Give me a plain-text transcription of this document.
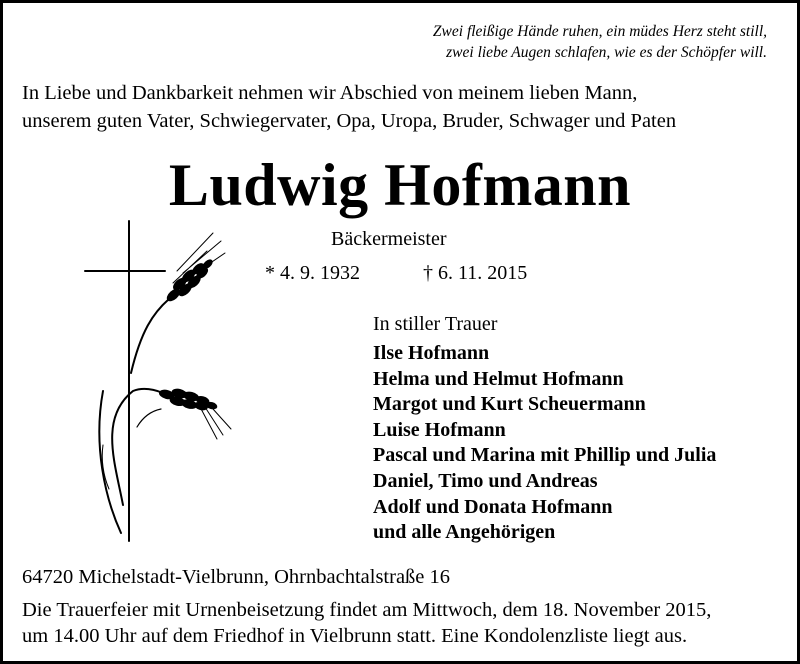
Zwei fleißige Hände ruhen, ein müdes Herz steht still,
zwei liebe Augen schlafen, wie es der Schöpfer will.
In Liebe und Dankbarkeit nehmen wir Abschied von meinem lieben Mann,
unserem guten Vater, Schwiegervater, Opa, Uropa, Bruder, Schwager und Paten
Ludwig Hofmann
Bäckermeister
* 4. 9. 1932	† 6. 11. 2015
In stiller Trauer
Ilse Hofmann
Helma und Helmut Hofmann
Margot und Kurt Scheuermann
Luise Hofmann
Pascal und Marina mit Phillip und Julia
Daniel, Timo und Andreas
Adolf und Donata Hofmann
und alle Angehörigen
64720 Michelstadt-Vielbrunn, Ohrnbachtalstraße 16
Die Trauerfeier mit Urnenbeisetzung findet am Mittwoch, dem 18. November 2015,
um 14.00 Uhr auf dem Friedhof in Vielbrunn statt. Eine Kondolenzliste liegt aus.
